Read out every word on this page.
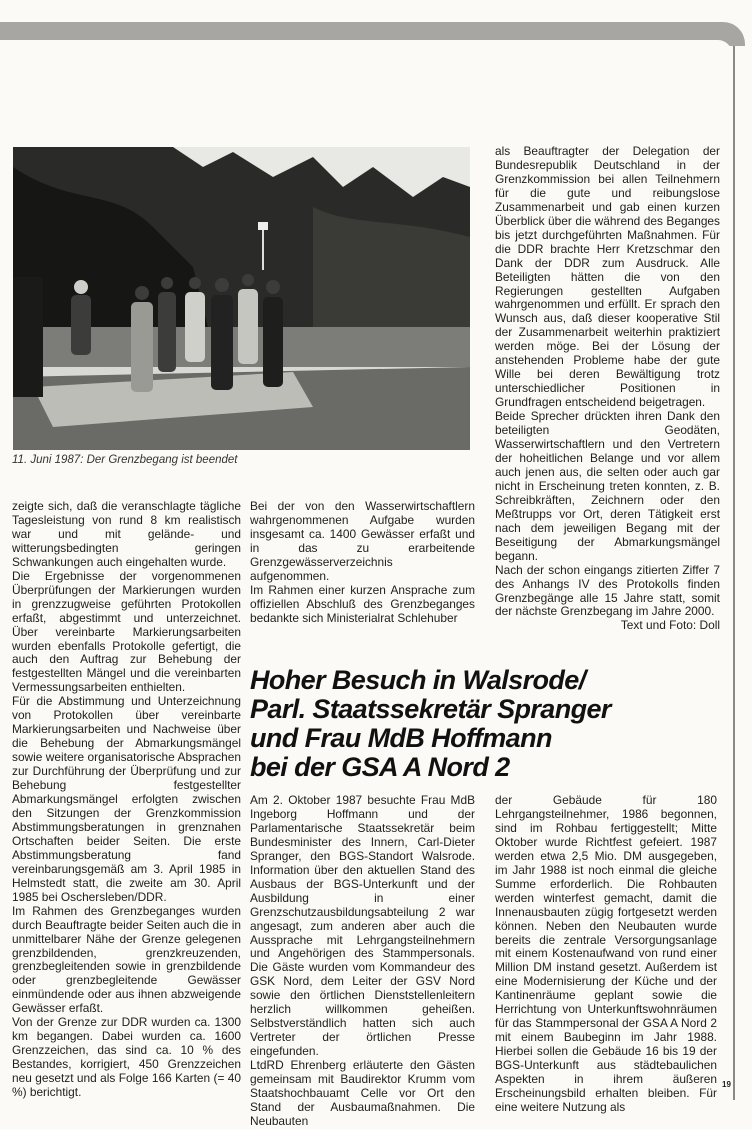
11. Juni 1987: Der Grenzbegang ist beendet

als Beauftragter der Delegation der Bundesrepublik Deutschland in der Grenzkommission bei allen Teilnehmern für die gute und reibungslose Zusammenarbeit und gab einen kurzen Überblick über die während des Beganges bis jetzt durchgeführten Maßnahmen. Für die DDR brachte Herr Kretzschmar den Dank der DDR zum Ausdruck. Alle Beteiligten hätten die von den Regierungen gestellten Aufgaben wahrgenommen und erfüllt. Er sprach den Wunsch aus, daß dieser kooperative Stil der Zusammenarbeit weiterhin praktiziert werden möge. Bei der Lösung der anstehenden Probleme habe der gute Wille bei deren Bewältigung trotz unterschiedlicher Positionen in Grundfragen entscheidend beigetragen.

Beide Sprecher drückten ihren Dank den beteiligten Geodäten, Wasserwirtschaftlern und den Vertretern der hoheitlichen Belange und vor allem auch jenen aus, die selten oder auch gar nicht in Erscheinung treten konnten, z. B. Schreibkräften, Zeichnern oder den Meßtrupps vor Ort, deren Tätigkeit erst nach dem jeweiligen Begang mit der Beseitigung der Abmarkungsmängel begann.

Nach der schon eingangs zitierten Ziffer 7 des Anhangs IV des Protokolls finden Grenzbegänge alle 15 Jahre statt, somit der nächste Grenzbegang im Jahre 2000.

Text und Foto: Doll

zeigte sich, daß die veranschlagte tägliche Tagesleistung von rund 8 km realistisch war und mit gelände- und witterungsbedingten geringen Schwankungen auch eingehalten wurde.

Die Ergebnisse der vorgenommenen Überprüfungen der Markierungen wurden in grenzzugweise geführten Protokollen erfaßt, abgestimmt und unterzeichnet. Über vereinbarte Markierungsarbeiten wurden ebenfalls Protokolle gefertigt, die auch den Auftrag zur Behebung der festgestellten Mängel und die vereinbarten Vermessungsarbeiten enthielten.

Für die Abstimmung und Unterzeichnung von Protokollen über vereinbarte Markierungsarbeiten und Nachweise über die Behebung der Abmarkungsmängel sowie weitere organisatorische Absprachen zur Durchführung der Überprüfung und zur Behebung festgestellter Abmarkungsmängel erfolgten zwischen den Sitzungen der Grenzkommission Abstimmungsberatungen in grenznahen Ortschaften beider Seiten. Die erste Abstimmungsberatung fand vereinbarungsgemäß am 3. April 1985 in Helmstedt statt, die zweite am 30. April 1985 bei Oschersleben/DDR.

Im Rahmen des Grenzbeganges wurden durch Beauftragte beider Seiten auch die in unmittelbarer Nähe der Grenze gelegenen grenzbildenden, grenzkreuzenden, grenzbegleitenden sowie in grenzbildende oder grenzbegleitende Gewässer einmündende oder aus ihnen abzweigende Gewässer erfaßt.

Von der Grenze zur DDR wurden ca. 1300 km begangen. Dabei wurden ca. 1600 Grenzzeichen, das sind ca. 10 % des Bestandes, korrigiert, 450 Grenzzeichen neu gesetzt und als Folge 166 Karten (= 40 %) berichtigt.

Bei der von den Wasserwirtschaftlern wahrgenommenen Aufgabe wurden insgesamt ca. 1400 Gewässer erfaßt und in das zu erarbeitende Grenzgewässerverzeichnis aufgenommen.

Im Rahmen einer kurzen Ansprache zum offiziellen Abschluß des Grenzbeganges bedankte sich Ministerialrat Schlehuber

Hoher Besuch in Walsrode/
Parl. Staatssekretär Spranger
und Frau MdB Hoffmann
bei der GSA A Nord 2

Am 2. Oktober 1987 besuchte Frau MdB Ingeborg Hoffmann und der Parlamentarische Staatssekretär beim Bundesminister des Innern, Carl-Dieter Spranger, den BGS-Standort Walsrode. Information über den aktuellen Stand des Ausbaus der BGS-Unterkunft und der Ausbildung in einer Grenzschutzausbildungsabteilung 2 war angesagt, zum anderen aber auch die Aussprache mit Lehrgangsteilnehmern und Angehörigen des Stammpersonals. Die Gäste wurden vom Kommandeur des GSK Nord, dem Leiter der GSV Nord sowie den örtlichen Dienststellenleitern herzlich willkommen geheißen. Selbstverständlich hatten sich auch Vertreter der örtlichen Presse eingefunden.

LtdRD Ehrenberg erläuterte den Gästen gemeinsam mit Baudirektor Krumm vom Staatshochbauamt Celle vor Ort den Stand der Ausbaumaßnahmen. Die Neubauten

der Gebäude für 180 Lehrgangsteilnehmer, 1986 begonnen, sind im Rohbau fertiggestellt; Mitte Oktober wurde Richtfest gefeiert. 1987 werden etwa 2,5 Mio. DM ausgegeben, im Jahr 1988 ist noch einmal die gleiche Summe erforderlich. Die Rohbauten werden winterfest gemacht, damit die Innenausbauten zügig fortgesetzt werden können. Neben den Neubauten wurde bereits die zentrale Versorgungsanlage mit einem Kostenaufwand von rund einer Million DM instand gesetzt. Außerdem ist eine Modernisierung der Küche und der Kantinenräume geplant sowie die Herrichtung von Unterkunftswohnräumen für das Stammpersonal der GSA A Nord 2 mit einem Baubeginn im Jahr 1988. Hierbei sollen die Gebäude 16 bis 19 der BGS-Unterkunft aus städtebaulichen Aspekten in ihrem äußeren Erscheinungsbild erhalten bleiben. Für eine weitere Nutzung als

19
